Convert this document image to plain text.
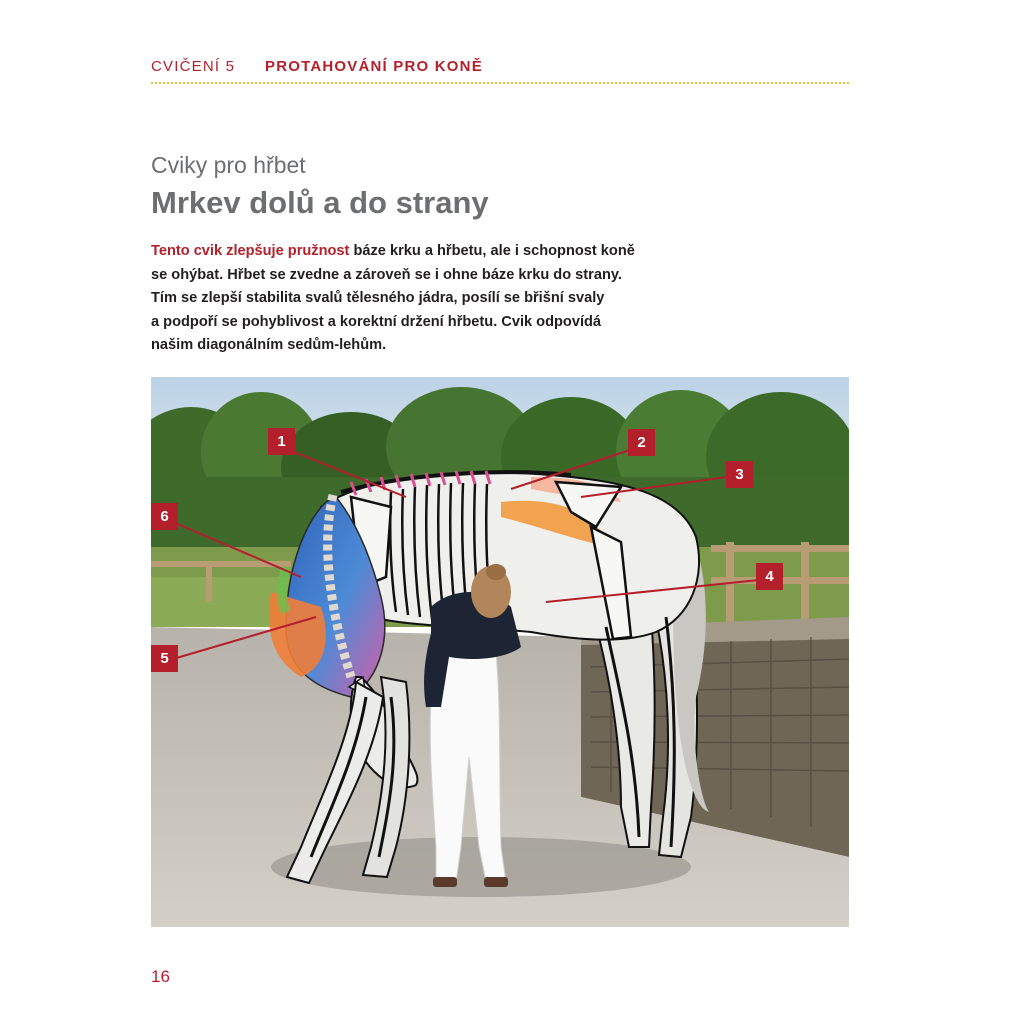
CVIČENÍ 5 PROTAHOVÁNÍ PRO KONĚ
Cviky pro hřbet
Mrkev dolů a do strany

Tento cvik zlepšuje pružnost báze krku a hřbetu, ale i schopnost koně
se ohýbat. Hřbet se zvedne a zároveň se i ohne báze krku do strany.
Tím se zlepší stabilita svalů tělesného jádra, posílí se břišní svaly
a podpoří se pohyblivost a korektní držení hřbetu. Cvik odpovídá
našim diagonálním sedům-lehům.

1	2
3
4
5
6
16
